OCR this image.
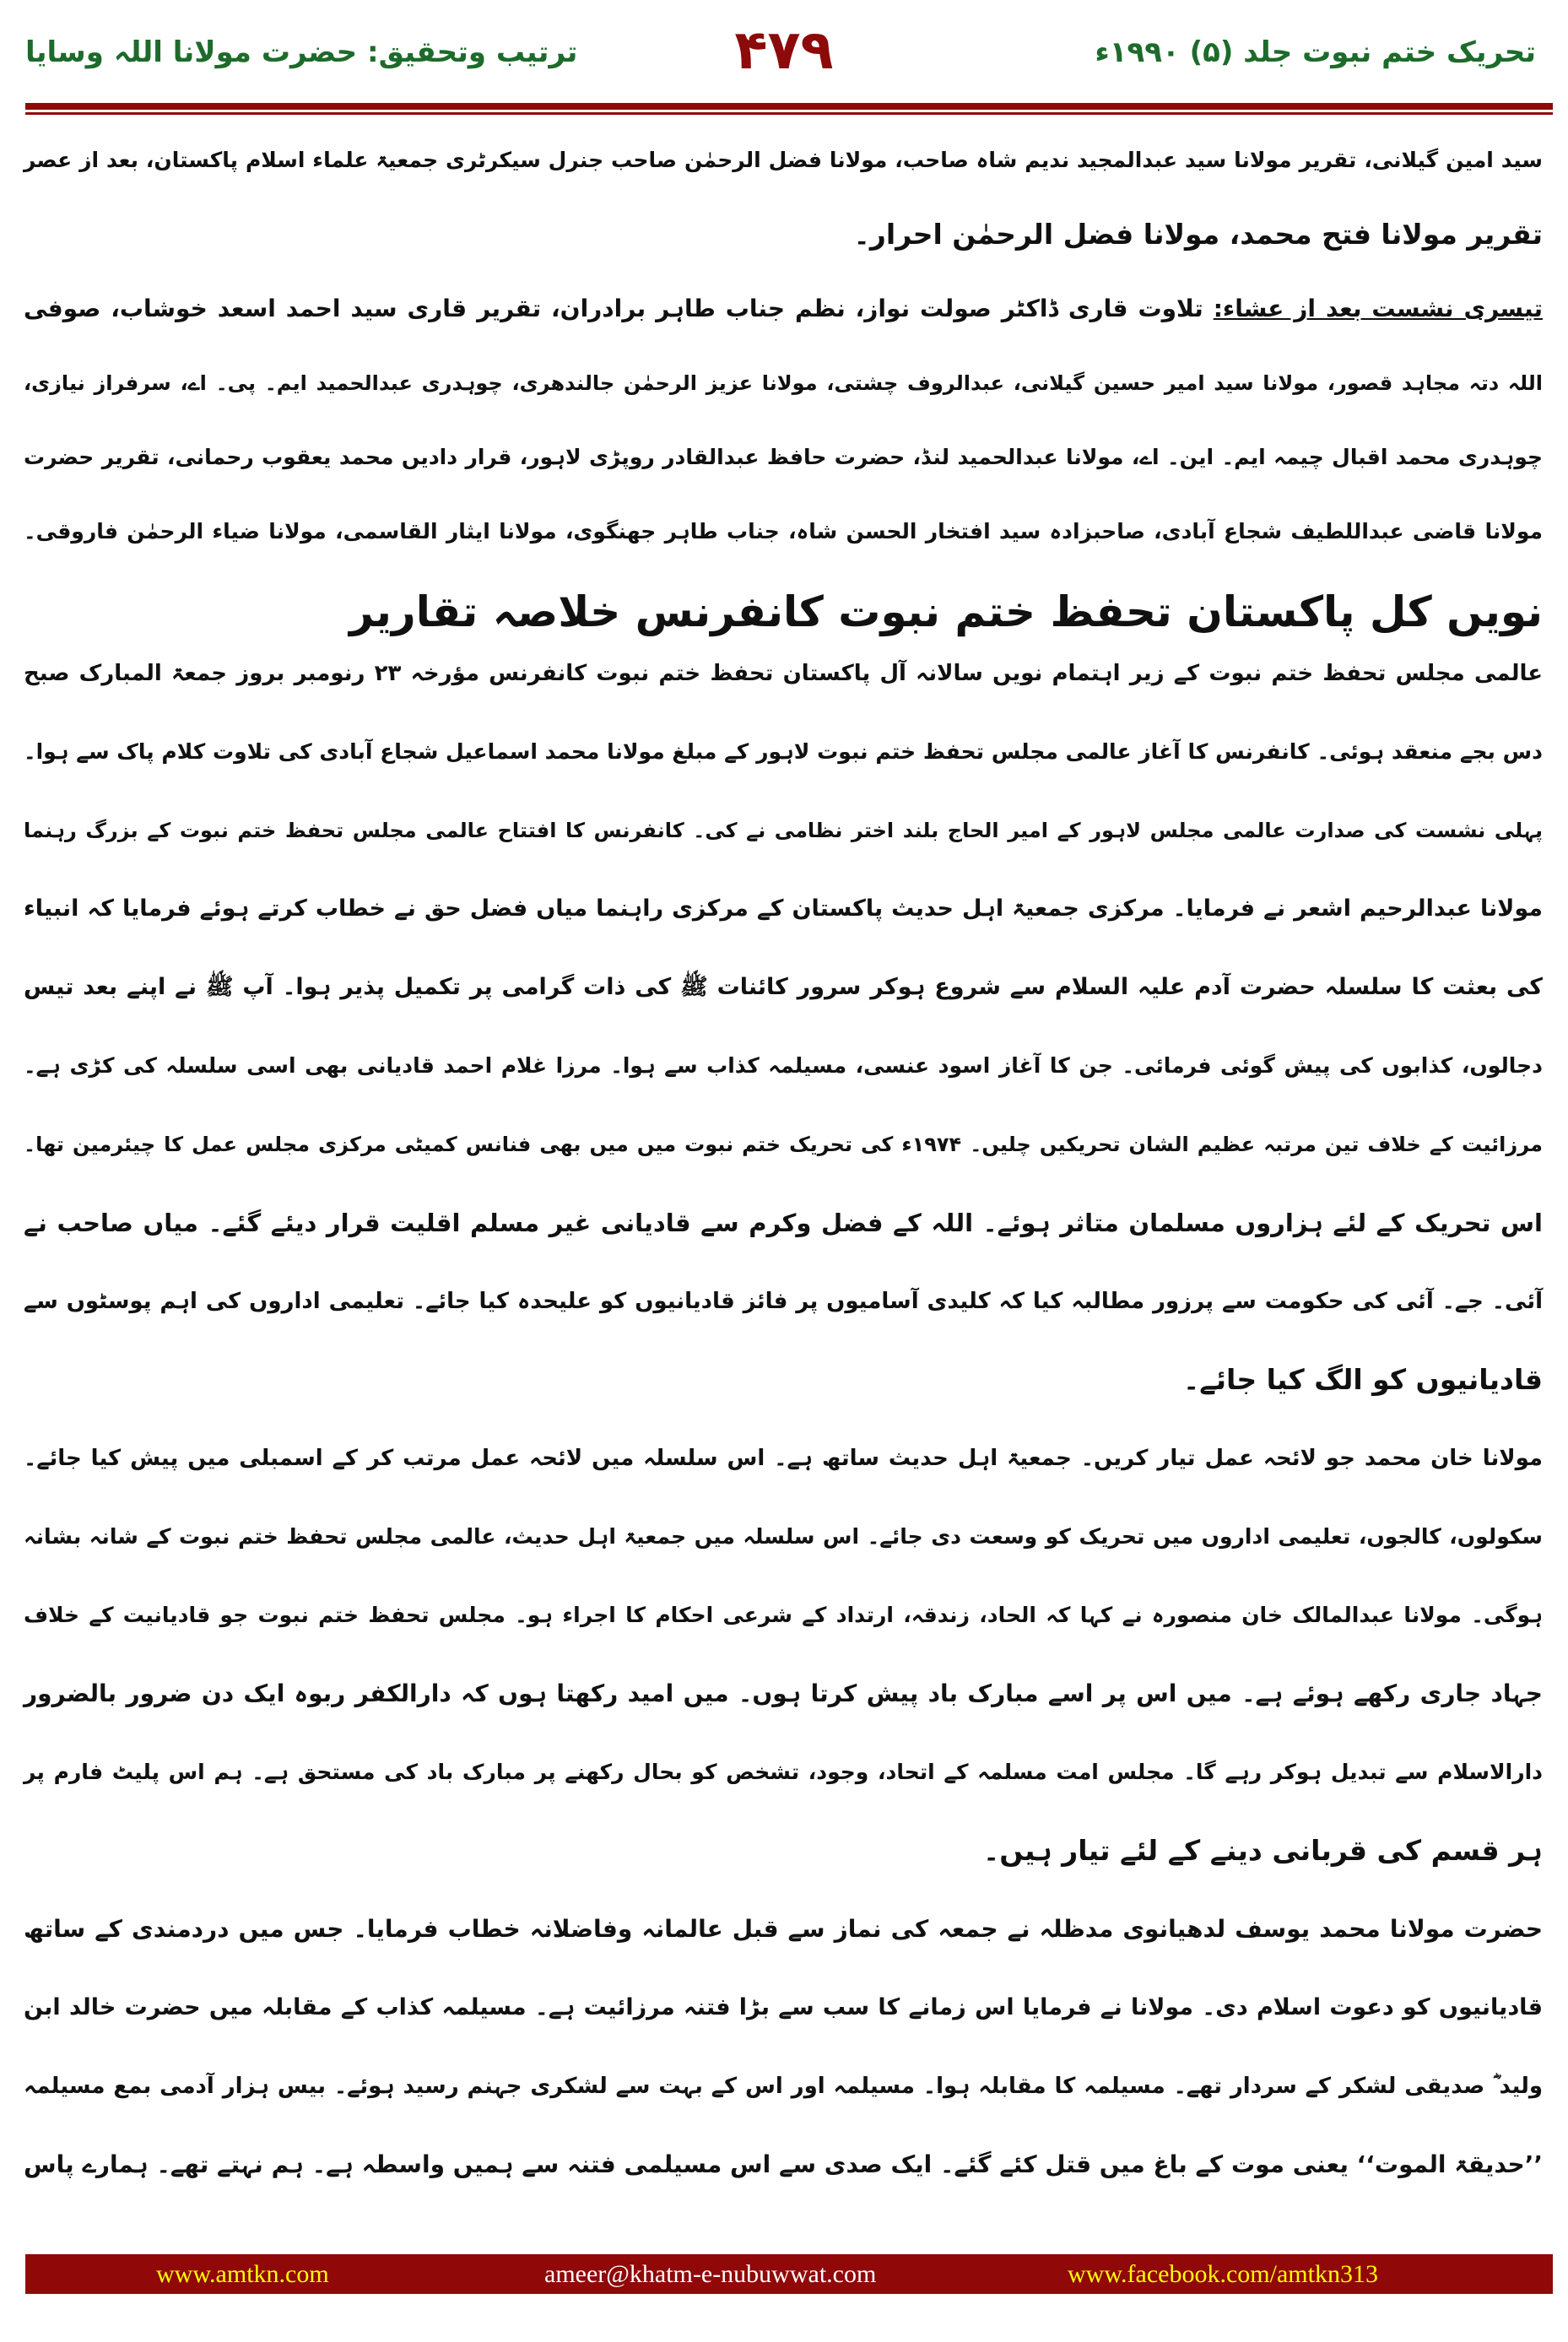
تحریک ختم نبوت جلد (۵) ۱۹۹۰ء
۴۷۹
ترتیب وتحقیق: حضرت مولانا اللہ وسایا
سید امین گیلانی، تقریر مولانا سید عبدالمجید ندیم شاہ صاحب، مولانا فضل الرحمٰن صاحب جنرل سیکرٹری جمعیۃ علماء اسلام پاکستان، بعد از عصر
تقریر مولانا فتح محمد، مولانا فضل الرحمٰن احرار۔
تیسری نشست بعد از عشاء: تلاوت قاری ڈاکٹر صولت نواز، نظم جناب طاہر برادران، تقریر قاری سید احمد اسعد خوشاب، صوفی
اللہ دتہ مجاہد قصور، مولانا سید امیر حسین گیلانی، عبدالروف چشتی، مولانا عزیز الرحمٰن جالندھری، چوہدری عبدالحمید ایم۔ پی۔ اے، سرفراز نیازی،
چوہدری محمد اقبال چیمہ ایم۔ این۔ اے، مولانا عبدالحمید لنڈ، حضرت حافظ عبدالقادر روپڑی لاہور، قرار دادیں محمد یعقوب رحمانی، تقریر حضرت
مولانا قاضی عبداللطیف شجاع آبادی، صاحبزادہ سید افتخار الحسن شاہ، جناب طاہر جھنگوی، مولانا ایثار القاسمی، مولانا ضیاء الرحمٰن فاروقی۔
نویں کل پاکستان تحفظ ختم نبوت کانفرنس خلاصہ تقاریر
عالمی مجلس تحفظ ختم نبوت کے زیر اہتمام نویں سالانہ آل پاکستان تحفظ ختم نبوت کانفرنس مؤرخہ ۲۳ رنومبر بروز جمعۃ المبارک صبح
دس بجے منعقد ہوئی۔ کانفرنس کا آغاز عالمی مجلس تحفظ ختم نبوت لاہور کے مبلغ مولانا محمد اسماعیل شجاع آبادی کی تلاوت کلام پاک سے ہوا۔
پہلی نشست کی صدارت عالمی مجلس لاہور کے امیر الحاج بلند اختر نظامی نے کی۔ کانفرنس کا افتتاح عالمی مجلس تحفظ ختم نبوت کے بزرگ رہنما
مولانا عبدالرحیم اشعر نے فرمایا۔ مرکزی جمعیۃ اہل حدیث پاکستان کے مرکزی راہنما میاں فضل حق نے خطاب کرتے ہوئے فرمایا کہ انبیاء
کی بعثت کا سلسلہ حضرت آدم علیہ السلام سے شروع ہوکر سرور کائنات ﷺ کی ذات گرامی پر تکمیل پذیر ہوا۔ آپ ﷺ نے اپنے بعد تیس
دجالوں، کذابوں کی پیش گوئی فرمائی۔ جن کا آغاز اسود عنسی، مسیلمہ کذاب سے ہوا۔ مرزا غلام احمد قادیانی بھی اسی سلسلہ کی کڑی ہے۔
مرزائیت کے خلاف تین مرتبہ عظیم الشان تحریکیں چلیں۔ ۱۹۷۴ء کی تحریک ختم نبوت میں میں بھی فنانس کمیٹی مرکزی مجلس عمل کا چیئرمین تھا۔
اس تحریک کے لئے ہزاروں مسلمان متاثر ہوئے۔ اللہ کے فضل وکرم سے قادیانی غیر مسلم اقلیت قرار دیئے گئے۔ میاں صاحب نے
آئی۔ جے۔ آئی کی حکومت سے پرزور مطالبہ کیا کہ کلیدی آسامیوں پر فائز قادیانیوں کو علیحدہ کیا جائے۔ تعلیمی اداروں کی اہم پوسٹوں سے
قادیانیوں کو الگ کیا جائے۔
مولانا خان محمد جو لائحہ عمل تیار کریں۔ جمعیۃ اہل حدیث ساتھ ہے۔ اس سلسلہ میں لائحہ عمل مرتب کر کے اسمبلی میں پیش کیا جائے۔
سکولوں، کالجوں، تعلیمی اداروں میں تحریک کو وسعت دی جائے۔ اس سلسلہ میں جمعیۃ اہل حدیث، عالمی مجلس تحفظ ختم نبوت کے شانہ بشانہ
ہوگی۔ مولانا عبدالمالک خان منصورہ نے کہا کہ الحاد، زندقہ، ارتداد کے شرعی احکام کا اجراء ہو۔ مجلس تحفظ ختم نبوت جو قادیانیت کے خلاف
جہاد جاری رکھے ہوئے ہے۔ میں اس پر اسے مبارک باد پیش کرتا ہوں۔ میں امید رکھتا ہوں کہ دارالکفر ربوہ ایک دن ضرور بالضرور
دارالاسلام سے تبدیل ہوکر رہے گا۔ مجلس امت مسلمہ کے اتحاد، وجود، تشخص کو بحال رکھنے پر مبارک باد کی مستحق ہے۔ ہم اس پلیٹ فارم پر
ہر قسم کی قربانی دینے کے لئے تیار ہیں۔
حضرت مولانا محمد یوسف لدھیانوی مدظلہ نے جمعہ کی نماز سے قبل عالمانہ وفاضلانہ خطاب فرمایا۔ جس میں دردمندی کے ساتھ
قادیانیوں کو دعوت اسلام دی۔ مولانا نے فرمایا اس زمانے کا سب سے بڑا فتنہ مرزائیت ہے۔ مسیلمہ کذاب کے مقابلہ میں حضرت خالد ابن
ولید ؓ صدیقی لشکر کے سردار تھے۔ مسیلمہ کا مقابلہ ہوا۔ مسیلمہ اور اس کے بہت سے لشکری جہنم رسید ہوئے۔ بیس ہزار آدمی بمع مسیلمہ
’’حدیقۃ الموت‘‘ یعنی موت کے باغ میں قتل کئے گئے۔ ایک صدی سے اس مسیلمی فتنہ سے ہمیں واسطہ ہے۔ ہم نہتے تھے۔ ہمارے پاس
www.amtkn.com	ameer@khatm-e-nubuwwat.com	www.facebook.com/amtkn313
